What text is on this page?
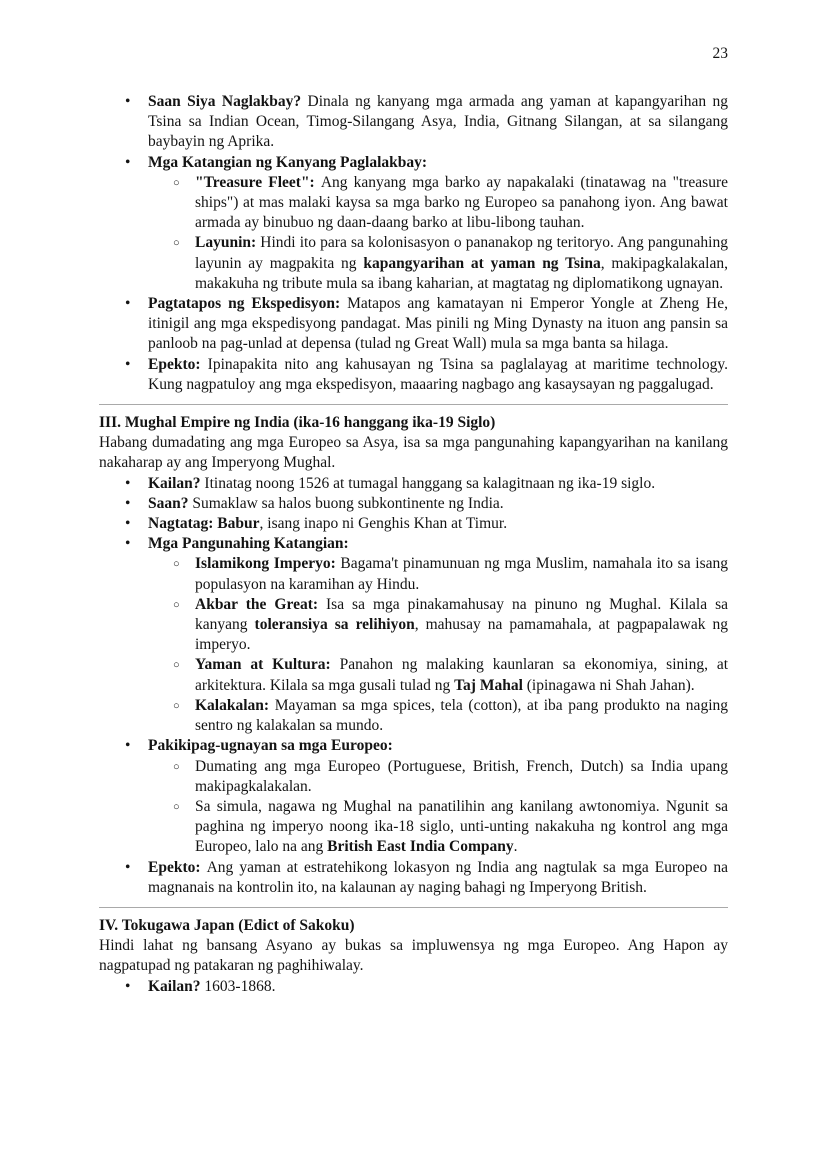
23
•	Saan Siya Naglakbay? Dinala ng kanyang mga armada ang yaman at kapangyarihan ng Tsina sa Indian Ocean, Timog-Silangang Asya, India, Gitnang Silangan, at sa silangang baybayin ng Aprika.
•	Mga Katangian ng Kanyang Paglalakbay:
○ "Treasure Fleet": Ang kanyang mga barko ay napakalaki (tinatawag na "treasure ships") at mas malaki kaysa sa mga barko ng Europeo sa panahong iyon. Ang bawat armada ay binubuo ng daan-daang barko at libu-libong tauhan.
○ Layunin: Hindi ito para sa kolonisasyon o pananakop ng teritoryo. Ang pangunahing layunin ay magpakita ng kapangyarihan at yaman ng Tsina, makipagkalakalan, makakuha ng tribute mula sa ibang kaharian, at magtatag ng diplomatikong ugnayan.
•	Pagtatapos ng Ekspedisyon: Matapos ang kamatayan ni Emperor Yongle at Zheng He, itinigil ang mga ekspedisyong pandagat. Mas pinili ng Ming Dynasty na ituon ang pansin sa panloob na pag-unlad at depensa (tulad ng Great Wall) mula sa mga banta sa hilaga.
•	Epekto: Ipinapakita nito ang kahusayan ng Tsina sa paglalayag at maritime technology. Kung nagpatuloy ang mga ekspedisyon, maaaring nagbago ang kasaysayan ng paggalugad.

III. Mughal Empire ng India (ika-16 hanggang ika-19 Siglo)

Habang dumadating ang mga Europeo sa Asya, isa sa mga pangunahing kapangyarihan na kanilang nakaharap ay ang Imperyong Mughal.

•	Kailan? Itinatag noong 1526 at tumagal hanggang sa kalagitnaan ng ika-19 siglo.
•	Saan? Sumaklaw sa halos buong subkontinente ng India.
•	Nagtatag: Babur, isang inapo ni Genghis Khan at Timur.
•	Mga Pangunahing Katangian:
○ Islamikong Imperyo: Bagama't pinamunuan ng mga Muslim, namahala ito sa isang populasyon na karamihan ay Hindu.
○ Akbar the Great: Isa sa mga pinakamahusay na pinuno ng Mughal. Kilala sa kanyang toleransiya sa relihiyon, mahusay na pamamahala, at pagpapalawak ng imperyo.
○ Yaman at Kultura: Panahon ng malaking kaunlaran sa ekonomiya, sining, at arkitektura. Kilala sa mga gusali tulad ng Taj Mahal (ipinagawa ni Shah Jahan).
○ Kalakalan: Mayaman sa mga spices, tela (cotton), at iba pang produkto na naging sentro ng kalakalan sa mundo.
•	Pakikipag-ugnayan sa mga Europeo:
○ Dumating ang mga Europeo (Portuguese, British, French, Dutch) sa India upang makipagkalakalan.
○ Sa simula, nagawa ng Mughal na panatilihin ang kanilang awtonomiya. Ngunit sa paghina ng imperyo noong ika-18 siglo, unti-unting nakakuha ng kontrol ang mga Europeo, lalo na ang British East India Company.
•	Epekto: Ang yaman at estratehikong lokasyon ng India ang nagtulak sa mga Europeo na magnanais na kontrolin ito, na kalaunan ay naging bahagi ng Imperyong British.

IV. Tokugawa Japan (Edict of Sakoku)

Hindi lahat ng bansang Asyano ay bukas sa impluwensya ng mga Europeo. Ang Hapon ay nagpatupad ng patakaran ng paghihiwalay.

•	Kailan? 1603-1868.
